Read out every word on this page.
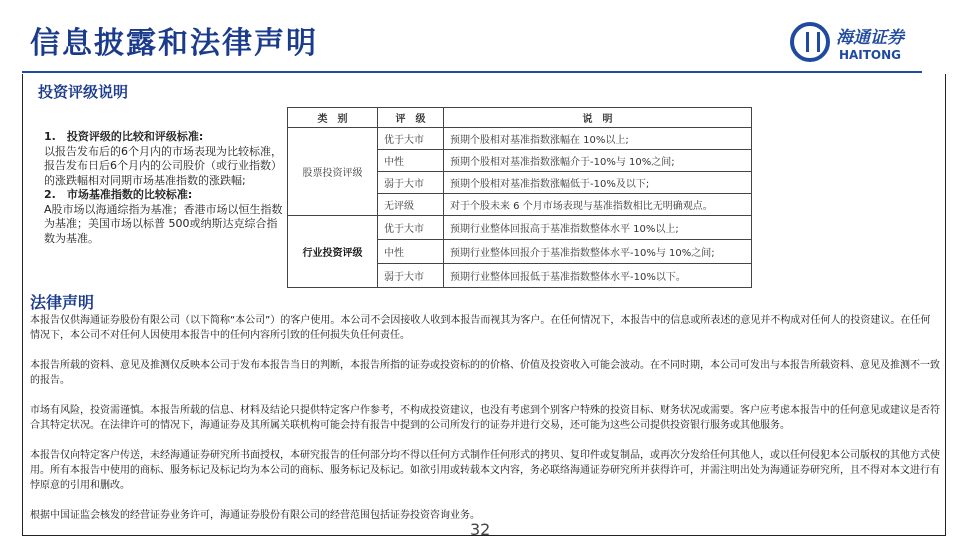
信息披露和法律声明	海通证券
HAITONG
投资评级说明
1.　投资评级的比较和评级标准:
以报告发布后的6个月内的市场表现为比较标准，报告发布日后6个月内的公司股价（或行业指数）的涨跌幅相对同期市场基准指数的涨跌幅;
2.　市场基准指数的比较标准:
A股市场以海通综指为基准；香港市场以恒生指数为基准；美国市场以标普 500或纳斯达克综合指数为基准。
类　别	评　级	说　明
股票投资评级	优于大市	预期个股相对基准指数涨幅在 10%以上;
	中性	预期个股相对基准指数涨幅介于-10%与 10%之间;
	弱于大市	预期个股相对基准指数涨幅低于-10%及以下;
	无评级	对于个股未来 6 个月市场表现与基准指数相比无明确观点。
行业投资评级	优于大市	预期行业整体回报高于基准指数整体水平 10%以上;
	中性	预期行业整体回报介于基准指数整体水平-10%与 10%之间;
	弱于大市	预期行业整体回报低于基准指数整体水平-10%以下。
法律声明

本报告仅供海通证券股份有限公司（以下简称“本公司”）的客户使用。本公司不会因接收人收到本报告而视其为客户。在任何情况下，本报告中的信息或所表述的意见并不构成对任何人的投资建议。在任何情况下，本公司不对任何人因使用本报告中的任何内容所引致的任何损失负任何责任。

本报告所载的资料、意见及推测仅反映本公司于发布本报告当日的判断，本报告所指的证券或投资标的的价格、价值及投资收入可能会波动。在不同时期，本公司可发出与本报告所载资料、意见及推测不一致的报告。

市场有风险，投资需谨慎。本报告所载的信息、材料及结论只提供特定客户作参考，不构成投资建议，也没有考虑到个别客户特殊的投资目标、财务状况或需要。客户应考虑本报告中的任何意见或建议是否符合其特定状况。在法律许可的情况下，海通证券及其所属关联机构可能会持有报告中提到的公司所发行的证券并进行交易，还可能为这些公司提供投资银行服务或其他服务。

本报告仅向特定客户传送，未经海通证券研究所书面授权，本研究报告的任何部分均不得以任何方式制作任何形式的拷贝、复印件或复制品，或再次分发给任何其他人，或以任何侵犯本公司版权的其他方式使用。所有本报告中使用的商标、服务标记及标记均为本公司的商标、服务标记及标记。如欲引用或转载本文内容，务必联络海通证券研究所并获得许可，并需注明出处为海通证券研究所，且不得对本文进行有悖原意的引用和删改。

根据中国证监会核发的经营证券业务许可，海通证券股份有限公司的经营范围包括证券投资咨询业务。

32
